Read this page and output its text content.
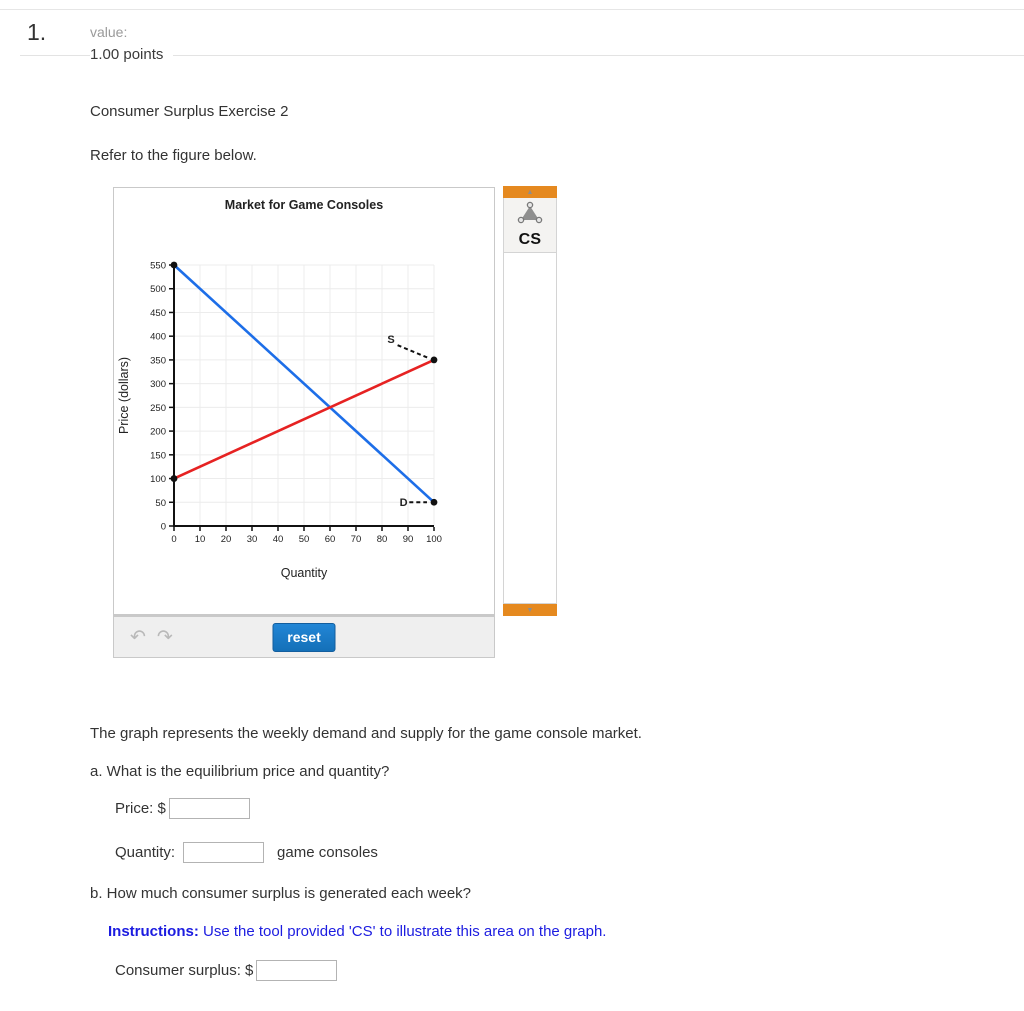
1.	value:
1.00 points
Consumer Surplus Exercise 2
Refer to the figure below.
0 10 20 30 40 50 60 70 80 90 100
0
50
100
150
200
250
300
350
400
450
500
550
S
D
Market for Game Consoles
Quantity
Price (dollars)
↶ ↷	reset
▲
CS
▼
The graph represents the weekly demand and supply for the game console market.
a. What is the equilibrium price and quantity?
Price: $
Quantity:	game consoles
b. How much consumer surplus is generated each week?
Instructions: Use the tool provided 'CS' to illustrate this area on the graph.
Consumer surplus: $
